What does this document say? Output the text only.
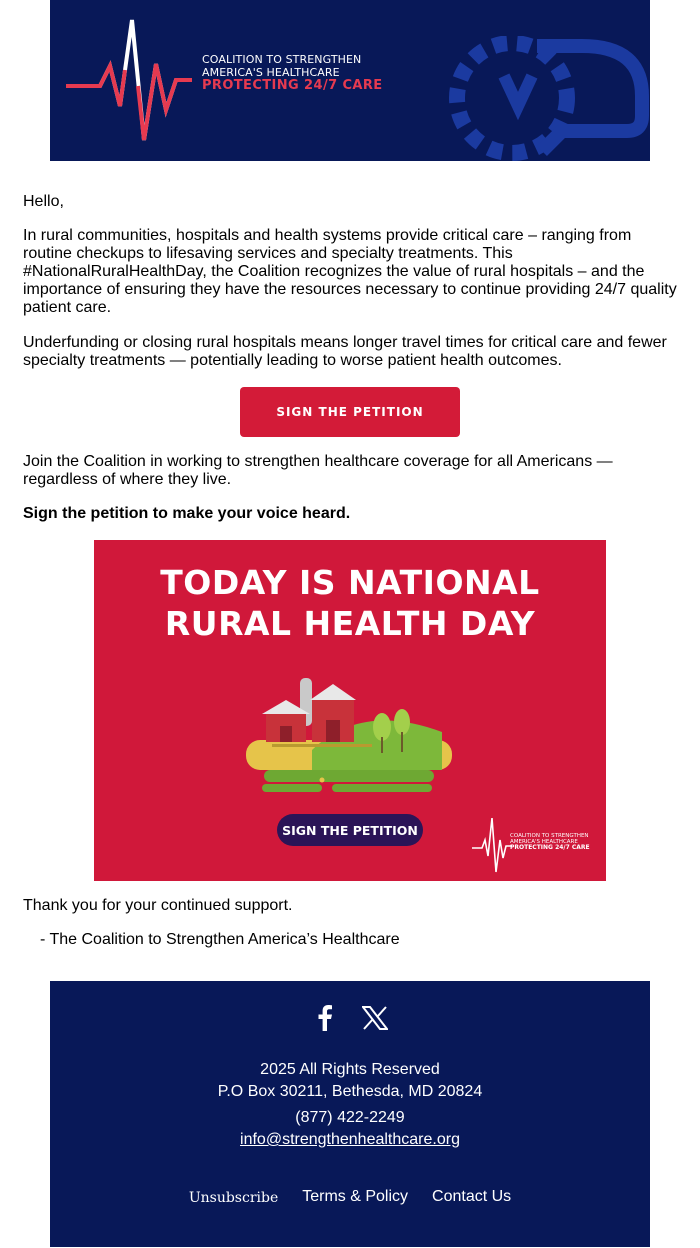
COALITION TO STRENGTHEN
AMERICA'S HEALTHCARE
PROTECTING 24/7 CARE

Hello,

In rural communities, hospitals and health systems provide critical care – ranging from routine checkups to lifesaving services and specialty treatments. This #NationalRuralHealthDay, the Coalition recognizes the value of rural hospitals – and the importance of ensuring they have the resources necessary to continue providing 24/7 quality patient care.

Underfunding or closing rural hospitals means longer travel times for critical care and fewer specialty treatments — potentially leading to worse patient health outcomes.

SIGN THE PETITION

Join the Coalition in working to strengthen healthcare coverage for all Americans — regardless of where they live.

Sign the petition to make your voice heard.

TODAY IS NATIONAL
RURAL HEALTH DAY
SIGN THE PETITION	COALITION TO STRENGTHEN
AMERICA'S HEALTHCARE
PROTECTING 24/7 CARE

Thank you for your continued support.

- The Coalition to Strengthen America’s Healthcare

2025 All Rights Reserved
P.O Box 30211, Bethesda, MD 20824
(877) 422-2249
info@strengthenhealthcare.org
Unsubscribe Terms & Policy Contact Us
